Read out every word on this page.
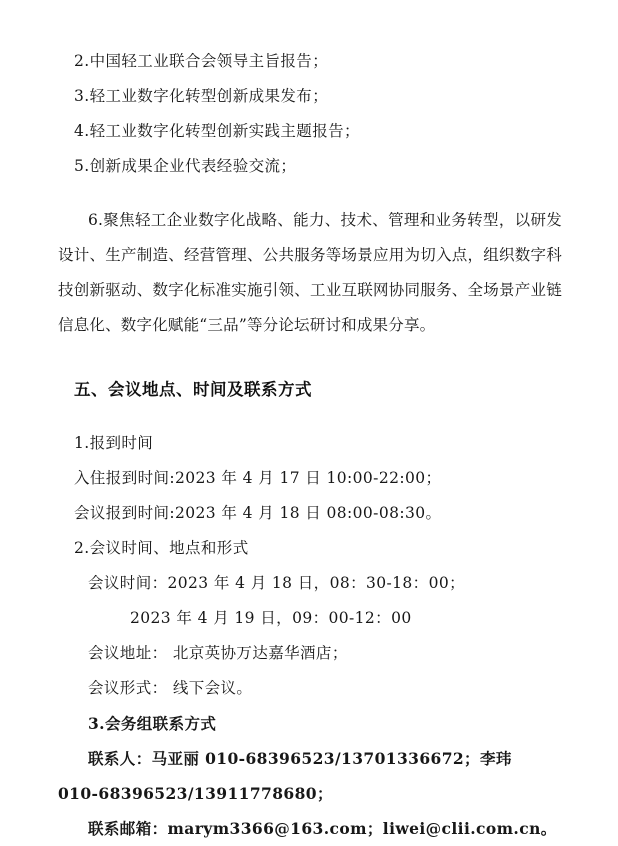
2.中国轻工业联合会领导主旨报告；

3.轻工业数字化转型创新成果发布；

4.轻工业数字化转型创新实践主题报告；

5.创新成果企业代表经验交流；

6.聚焦轻工企业数字化战略、能力、技术、管理和业务转型，以研发设计、生产制造、经营管理、公共服务等场景应用为切入点，组织数字科技创新驱动、数字化标准实施引领、工业互联网协同服务、全场景产业链信息化、数字化赋能“三品”等分论坛研讨和成果分享。

五、会议地点、时间及联系方式

1.报到时间

入住报到时间:2023 年 4 月 17 日 10:00-22:00；

会议报到时间:2023 年 4 月 18 日 08:00-08:30。

2.会议时间、地点和形式

会议时间：2023 年 4 月 18 日，08：30-18：00；

2023 年 4 月 19 日，09：00-12：00

会议地址： 北京英协万达嘉华酒店；

会议形式： 线下会议。

3.会务组联系方式

联系人：马亚丽 010-68396523/13701336672；李玮

010-68396523/13911778680；

联系邮箱：marym3366@163.com；liwei@clii.com.cn。
